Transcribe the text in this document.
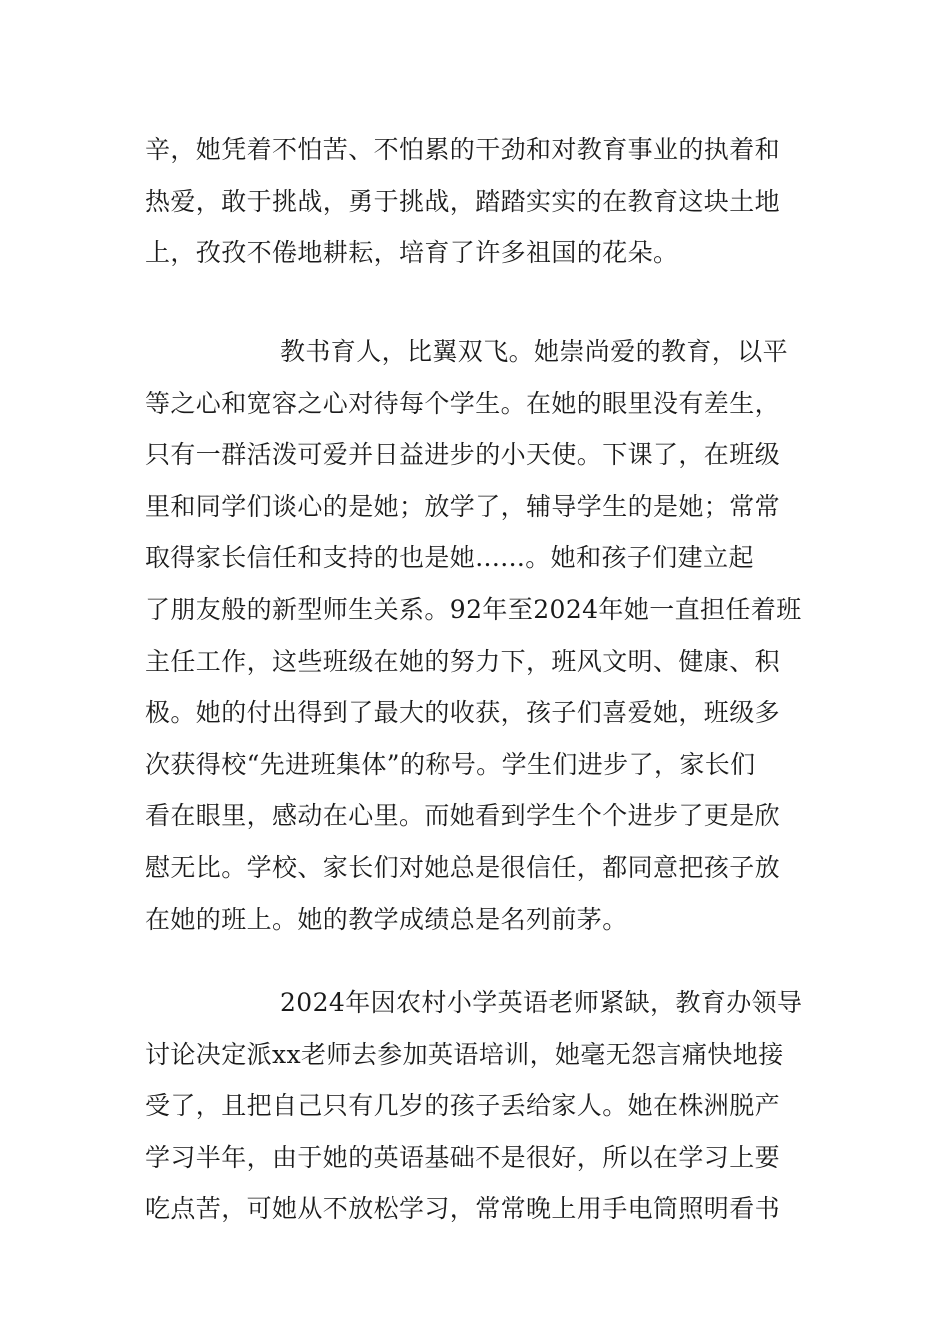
辛，她凭着不怕苦、不怕累的干劲和对教育事业的执着和
热爱，敢于挑战，勇于挑战，踏踏实实的在教育这块土地
上，孜孜不倦地耕耘，培育了许多祖国的花朵。
教书育人，比翼双飞。她崇尚爱的教育，以平
等之心和宽容之心对待每个学生。在她的眼里没有差生，
只有一群活泼可爱并日益进步的小天使。下课了，在班级
里和同学们谈心的是她；放学了，辅导学生的是她；常常
取得家长信任和支持的也是她......。她和孩子们建立起
了朋友般的新型师生关系。92年至2024年她一直担任着班
主任工作，这些班级在她的努力下，班风文明、健康、积
极。她的付出得到了最大的收获，孩子们喜爱她，班级多
次获得校“先进班集体”的称号。学生们进步了，家长们
看在眼里，感动在心里。而她看到学生个个进步了更是欣
慰无比。学校、家长们对她总是很信任，都同意把孩子放
在她的班上。她的教学成绩总是名列前茅。
2024年因农村小学英语老师紧缺，教育办领导
讨论决定派xx老师去参加英语培训，她毫无怨言痛快地接
受了，且把自己只有几岁的孩子丢给家人。她在株洲脱产
学习半年，由于她的英语基础不是很好，所以在学习上要
吃点苦，可她从不放松学习，常常晚上用手电筒照明看书
